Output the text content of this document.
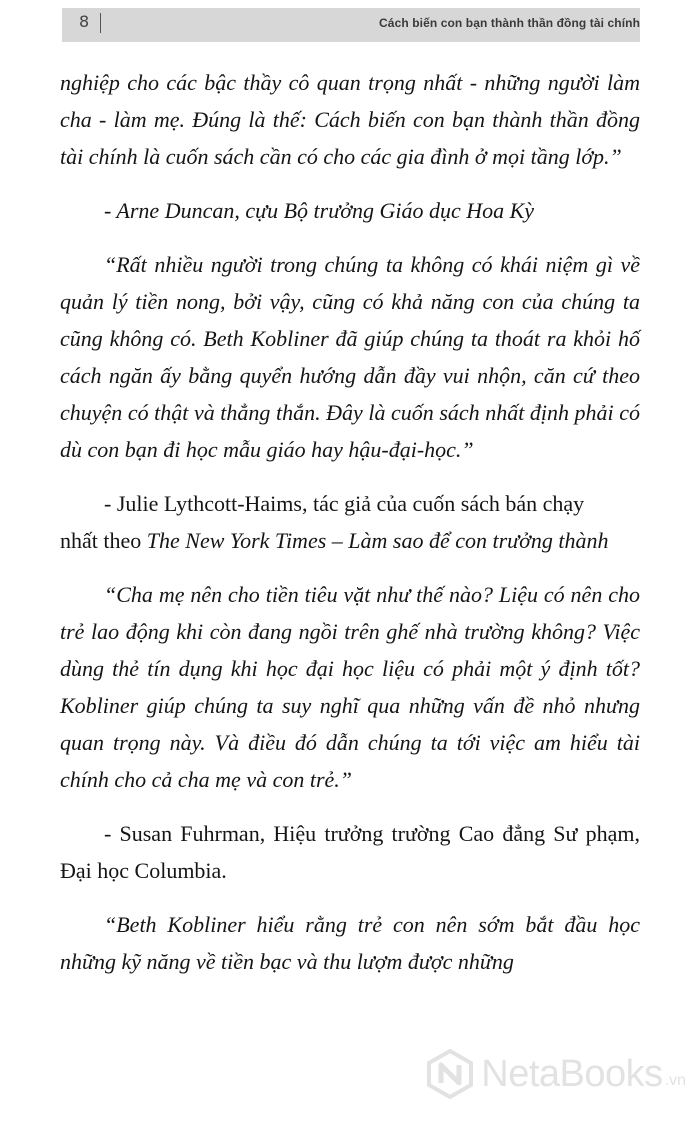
8	Cách biến con bạn thành thần đồng tài chính

nghiệp cho các bậc thầy cô quan trọng nhất - những người làm cha - làm mẹ. Đúng là thế: Cách biến con bạn thành thần đồng tài chính là cuốn sách cần có cho các gia đình ở mọi tầng lớp.”

- Arne Duncan, cựu Bộ trưởng Giáo dục Hoa Kỳ

“Rất nhiều người trong chúng ta không có khái niệm gì về quản lý tiền nong, bởi vậy, cũng có khả năng con của chúng ta cũng không có. Beth Kobliner đã giúp chúng ta thoát ra khỏi hố cách ngăn ấy bằng quyển hướng dẫn đầy vui nhộn, căn cứ theo chuyện có thật và thẳng thắn. Đây là cuốn sách nhất định phải có dù con bạn đi học mẫu giáo hay hậu-đại-học.”

- Julie Lythcott-Haims, tác giả của cuốn sách bán chạy
nhất theo The New York Times – Làm sao để con trưởng thành

“Cha mẹ nên cho tiền tiêu vặt như thế nào? Liệu có nên cho trẻ lao động khi còn đang ngồi trên ghế nhà trường không? Việc dùng thẻ tín dụng khi học đại học liệu có phải một ý định tốt? Kobliner giúp chúng ta suy nghĩ qua những vấn đề nhỏ nhưng quan trọng này. Và điều đó dẫn chúng ta tới việc am hiểu tài chính cho cả cha mẹ và con trẻ.”

- Susan Fuhrman, Hiệu trưởng trường Cao đẳng Sư phạm, Đại học Columbia.

“Beth Kobliner hiểu rằng trẻ con nên sớm bắt đầu học những kỹ năng về tiền bạc và thu lượm được những

NetaBooks .vn
